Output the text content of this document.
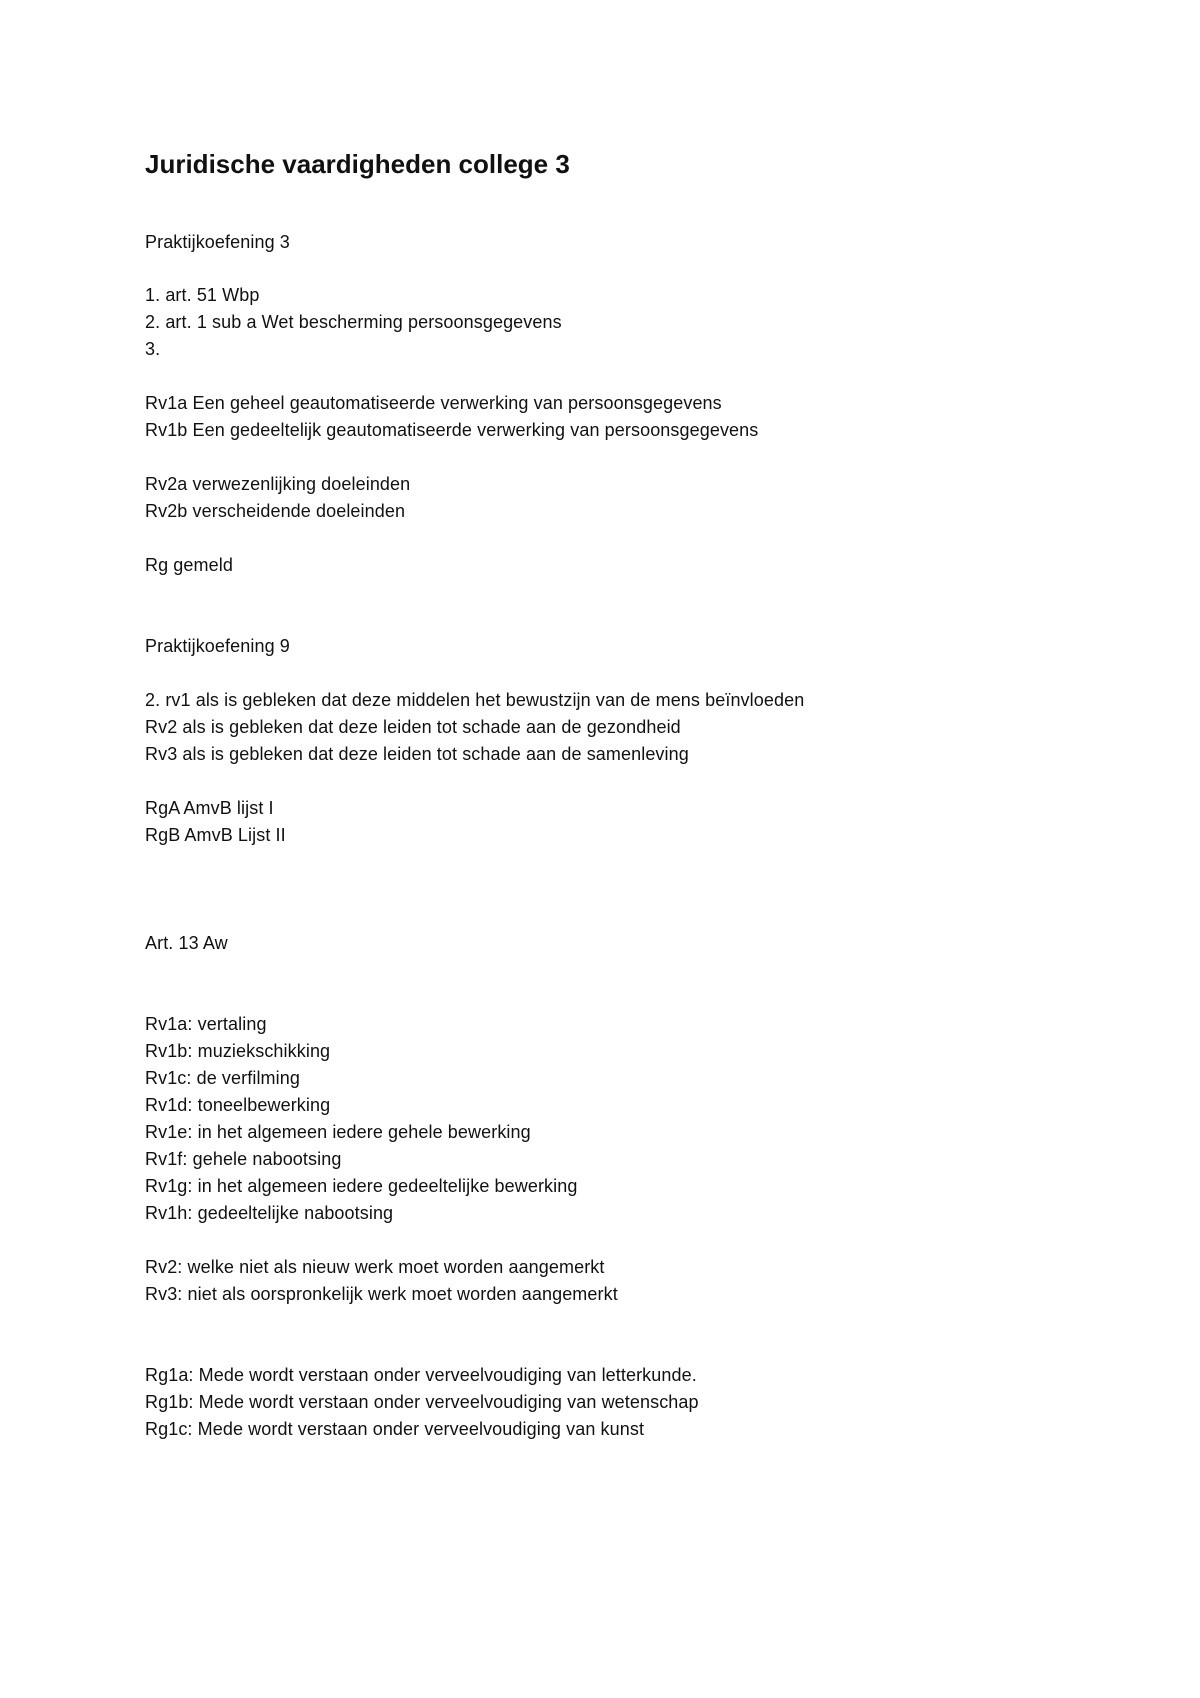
Juridische vaardigheden college 3
Praktijkoefening 3
1. art. 51 Wbp
2. art. 1 sub a Wet bescherming persoonsgegevens
3.
Rv1a Een geheel geautomatiseerde verwerking van persoonsgegevens
Rv1b Een gedeeltelijk geautomatiseerde verwerking van persoonsgegevens
Rv2a verwezenlijking doeleinden
Rv2b verscheidende doeleinden
Rg gemeld
Praktijkoefening 9
2. rv1 als is gebleken dat deze middelen het bewustzijn van de mens beïnvloeden
Rv2 als is gebleken dat deze leiden tot schade aan de gezondheid
Rv3 als is gebleken dat deze leiden tot schade aan de samenleving
RgA AmvB lijst I
RgB AmvB Lijst II
Art. 13 Aw
Rv1a: vertaling
Rv1b: muziekschikking
Rv1c: de verfilming
Rv1d: toneelbewerking
Rv1e: in het algemeen iedere gehele bewerking
Rv1f: gehele nabootsing
Rv1g: in het algemeen iedere gedeeltelijke bewerking
Rv1h: gedeeltelijke nabootsing
Rv2: welke niet als nieuw werk moet worden aangemerkt
Rv3: niet als oorspronkelijk werk moet worden aangemerkt
Rg1a: Mede wordt verstaan onder verveelvoudiging van letterkunde.
Rg1b: Mede wordt verstaan onder verveelvoudiging van wetenschap
Rg1c: Mede wordt verstaan onder verveelvoudiging van kunst
